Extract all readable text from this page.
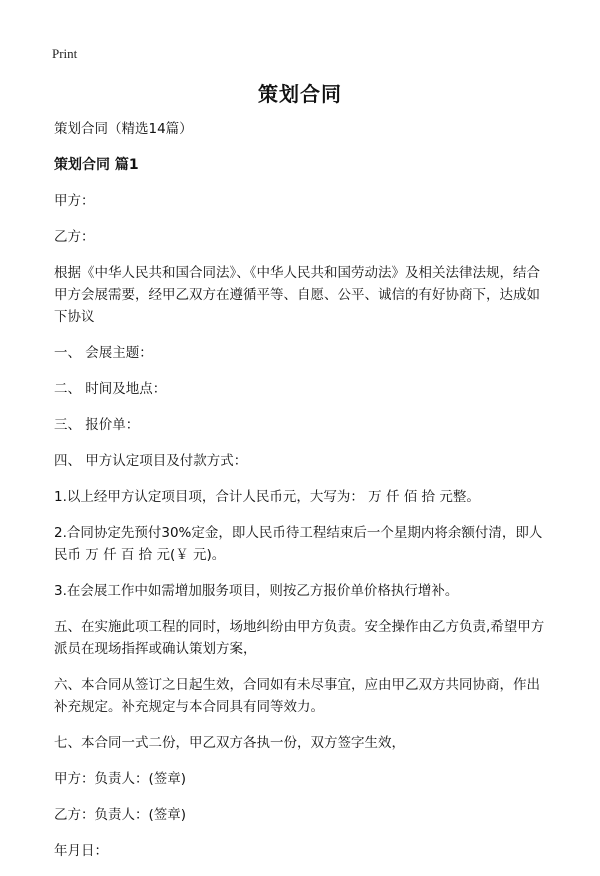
Print
策划合同

策划合同（精选14篇）

策划合同 篇1

甲方：

乙方：

根据《中华人民共和国合同法》、《中华人民共和国劳动法》及相关法律法规，结合甲方会展需要，经甲乙双方在遵循平等、自愿、公平、诚信的有好协商下，达成如下协议

一、 会展主题：

二、 时间及地点：

三、 报价单：

四、 甲方认定项目及付款方式：

1.以上经甲方认定项目项，合计人民币元，大写为： 万 仟 佰 拾 元整。

2.合同协定先预付30%定金，即人民币待工程结束后一个星期内将余额付清，即人民币 万 仟 百 拾 元(￥ 元)。

3.在会展工作中如需增加服务项目，则按乙方报价单价格执行增补。

五、在实施此项工程的同时，场地纠纷由甲方负责。安全操作由乙方负责,希望甲方派员在现场指挥或确认策划方案，

六、本合同从签订之日起生效，合同如有未尽事宜，应由甲乙双方共同协商，作出补充规定。补充规定与本合同具有同等效力。

七、本合同一式二份，甲乙双方各执一份，双方签字生效，

甲方：负责人：(签章)

乙方：负责人：(签章)

年月日：
